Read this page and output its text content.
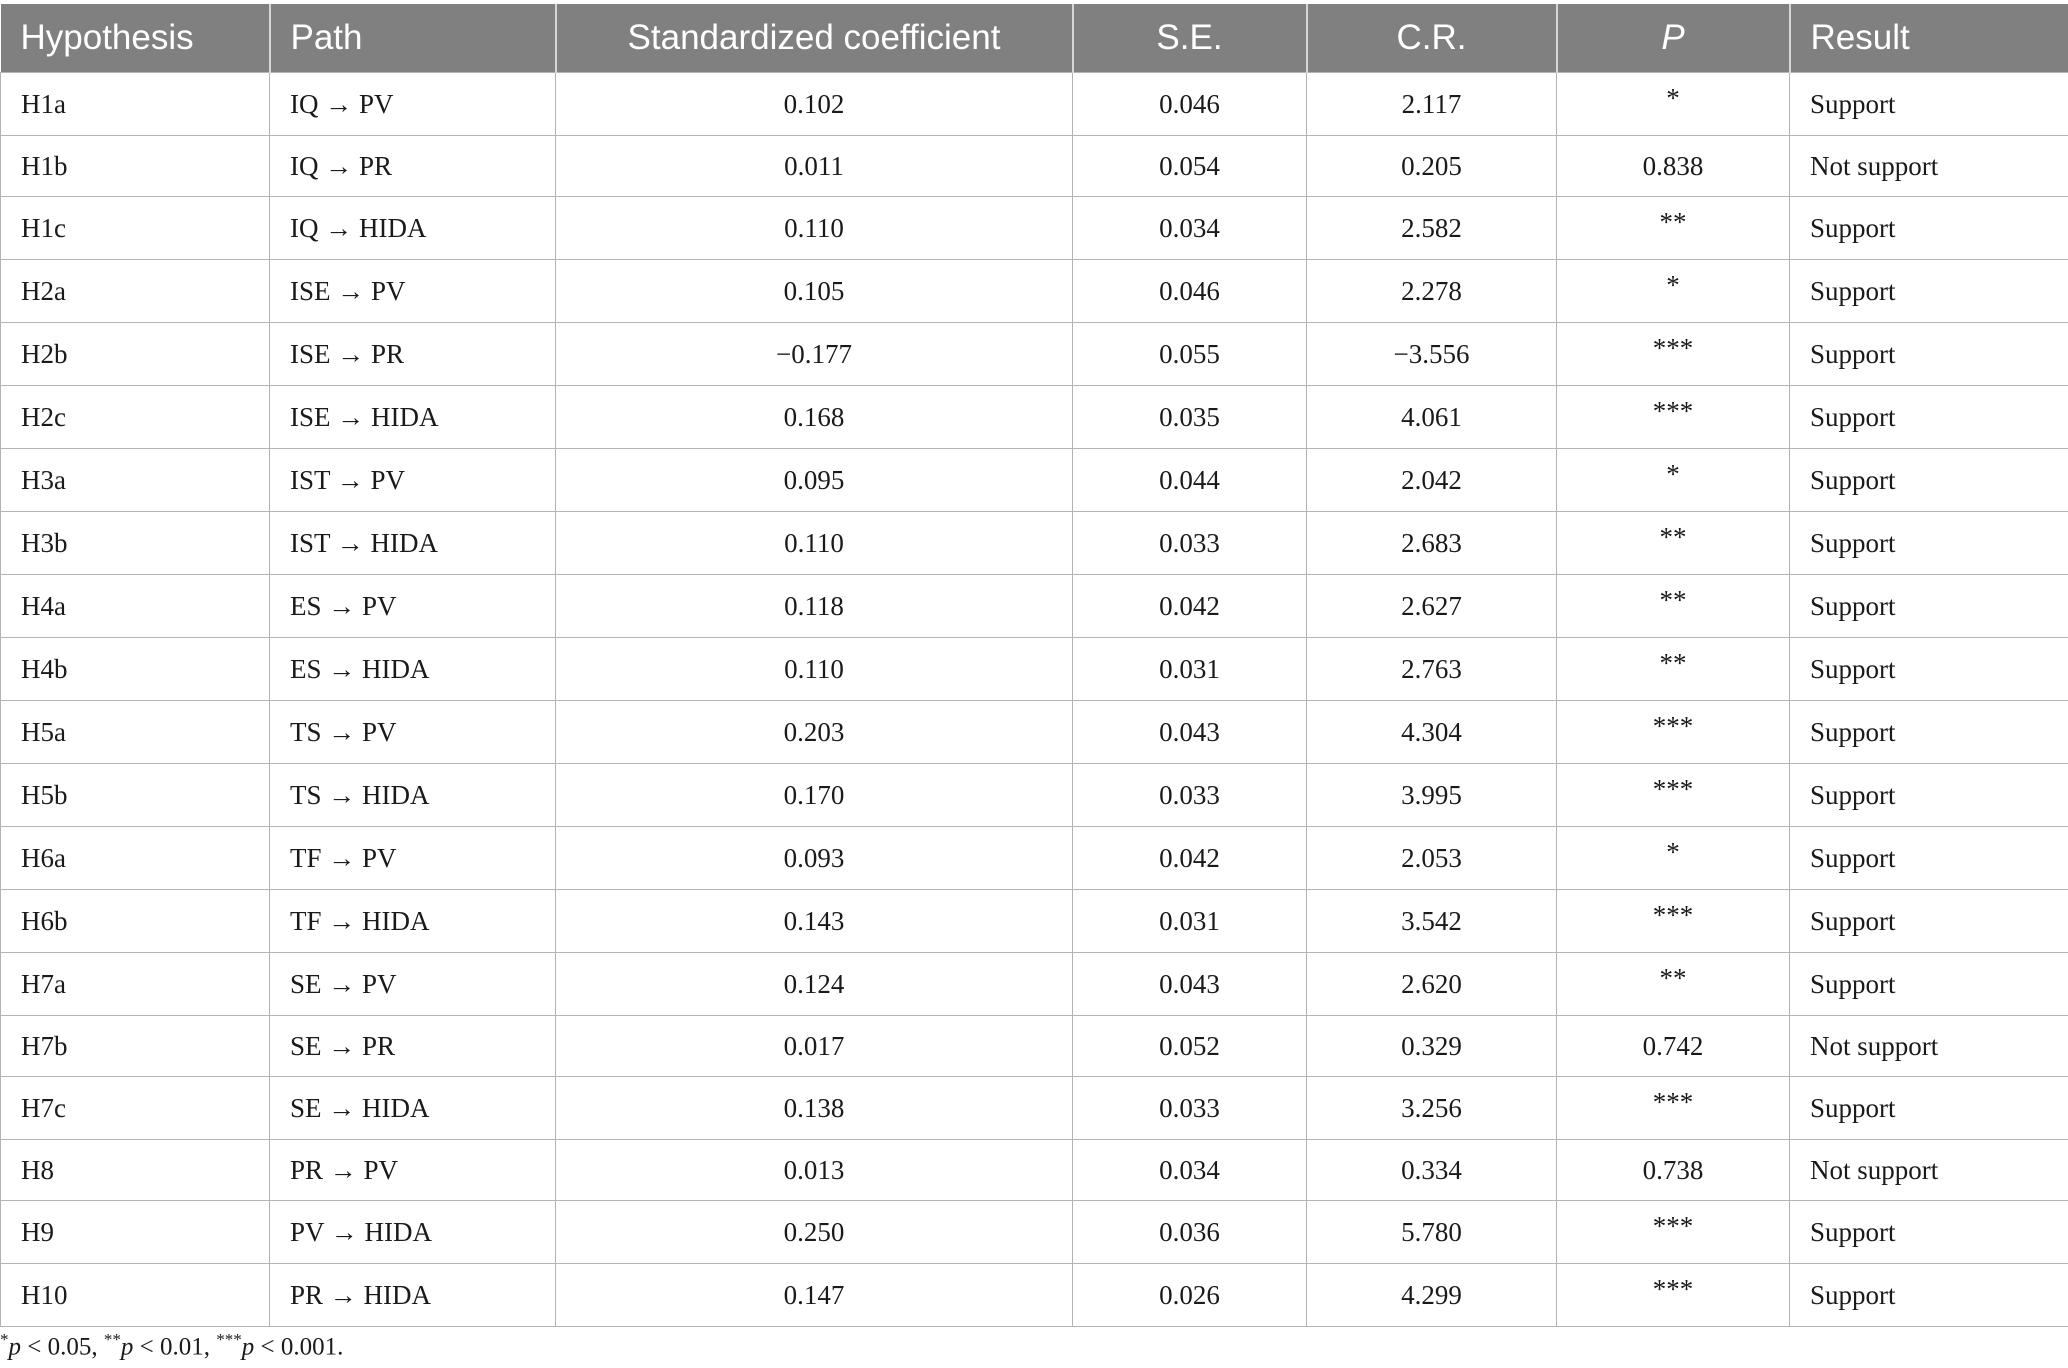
Hypothesis	Path	Standardized coefficient	S.E.	C.R.	P	Result
H1a	IQ → PV	0.102	0.046	2.117	*	Support
H1b	IQ → PR	0.011	0.054	0.205	0.838	Not support
H1c	IQ → HIDA	0.110	0.034	2.582	**	Support
H2a	ISE → PV	0.105	0.046	2.278	*	Support
H2b	ISE → PR	−0.177	0.055	−3.556	***	Support
H2c	ISE → HIDA	0.168	0.035	4.061	***	Support
H3a	IST → PV	0.095	0.044	2.042	*	Support
H3b	IST → HIDA	0.110	0.033	2.683	**	Support
H4a	ES → PV	0.118	0.042	2.627	**	Support
H4b	ES → HIDA	0.110	0.031	2.763	**	Support
H5a	TS → PV	0.203	0.043	4.304	***	Support
H5b	TS → HIDA	0.170	0.033	3.995	***	Support
H6a	TF → PV	0.093	0.042	2.053	*	Support
H6b	TF → HIDA	0.143	0.031	3.542	***	Support
H7a	SE → PV	0.124	0.043	2.620	**	Support
H7b	SE → PR	0.017	0.052	0.329	0.742	Not support
H7c	SE → HIDA	0.138	0.033	3.256	***	Support
H8	PR → PV	0.013	0.034	0.334	0.738	Not support
H9	PV → HIDA	0.250	0.036	5.780	***	Support
H10	PR → HIDA	0.147	0.026	4.299	***	Support
*p < 0.05, **p < 0.01, ***p < 0.001.
